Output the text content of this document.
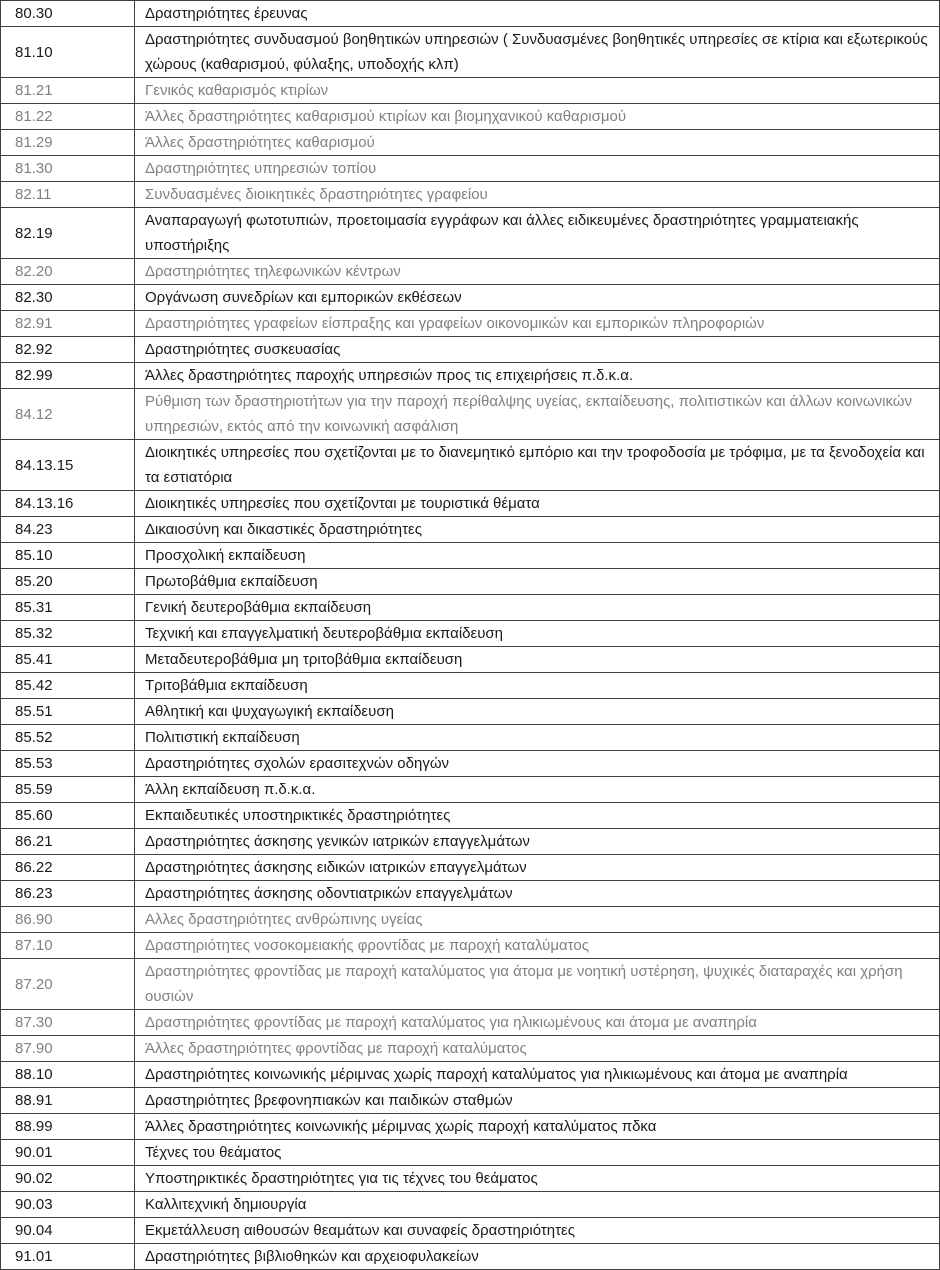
80.30	Δραστηριότητες έρευνας
81.10	Δραστηριότητες συνδυασμού βοηθητικών υπηρεσιών ( Συνδυασμένες βοηθητικές υπηρεσίες σε κτίρια και εξωτερικούς χώρους (καθαρισμού, φύλαξης, υποδοχής κλπ)
81.21	Γενικός καθαρισμός κτιρίων
81.22	Άλλες δραστηριότητες καθαρισμού κτιρίων και βιομηχανικού καθαρισμού
81.29	Άλλες δραστηριότητες καθαρισμού
81.30	Δραστηριότητες υπηρεσιών τοπίου
82.11	Συνδυασμένες διοικητικές δραστηριότητες γραφείου
82.19	Αναπαραγωγή φωτοτυπιών, προετοιμασία εγγράφων και άλλες ειδικευμένες δραστηριότητες γραμματειακής υποστήριξης
82.20	Δραστηριότητες τηλεφωνικών κέντρων
82.30	Οργάνωση συνεδρίων και εμπορικών εκθέσεων
82.91	Δραστηριότητες γραφείων είσπραξης και γραφείων οικονομικών και εμπορικών πληροφοριών
82.92	Δραστηριότητες συσκευασίας
82.99	Άλλες δραστηριότητες παροχής υπηρεσιών προς τις επιχειρήσεις π.δ.κ.α.
84.12	Ρύθμιση των δραστηριοτήτων για την παροχή περίθαλψης υγείας, εκπαίδευσης, πολιτιστικών και άλλων κοινωνικών υπηρεσιών, εκτός από την κοινωνική ασφάλιση
84.13.15	Διοικητικές υπηρεσίες που σχετίζονται με το διανεμητικό εμπόριο και την τροφοδοσία με τρόφιμα, με τα ξενοδοχεία και τα εστιατόρια
84.13.16	Διοικητικές υπηρεσίες που σχετίζονται με τουριστικά θέματα
84.23	Δικαιοσύνη και δικαστικές δραστηριότητες
85.10	Προσχολική εκπαίδευση
85.20	Πρωτοβάθμια εκπαίδευση
85.31	Γενική δευτεροβάθμια εκπαίδευση
85.32	Τεχνική και επαγγελματική δευτεροβάθμια εκπαίδευση
85.41	Μεταδευτεροβάθμια μη τριτοβάθμια εκπαίδευση
85.42	Τριτοβάθμια εκπαίδευση
85.51	Αθλητική και ψυχαγωγική εκπαίδευση
85.52	Πολιτιστική εκπαίδευση
85.53	Δραστηριότητες σχολών ερασιτεχνών οδηγών
85.59	Άλλη εκπαίδευση π.δ.κ.α.
85.60	Εκπαιδευτικές υποστηρικτικές δραστηριότητες
86.21	Δραστηριότητες άσκησης γενικών ιατρικών επαγγελμάτων
86.22	Δραστηριότητες άσκησης ειδικών ιατρικών επαγγελμάτων
86.23	Δραστηριότητες άσκησης οδοντιατρικών επαγγελμάτων
86.90	Αλλες δραστηριότητες ανθρώπινης υγείας
87.10	Δραστηριότητες νοσοκομειακής φροντίδας με παροχή καταλύματος
87.20	Δραστηριότητες φροντίδας με παροχή καταλύματος για άτομα με νοητική υστέρηση, ψυχικές διαταραχές και χρήση ουσιών
87.30	Δραστηριότητες φροντίδας με παροχή καταλύματος για ηλικιωμένους και άτομα με αναπηρία
87.90	Άλλες δραστηριότητες φροντίδας με παροχή καταλύματος
88.10	Δραστηριότητες κοινωνικής μέριμνας χωρίς παροχή καταλύματος για ηλικιωμένους και άτομα με αναπηρία
88.91	Δραστηριότητες βρεφονηπιακών και παιδικών σταθμών
88.99	Άλλες δραστηριότητες κοινωνικής μέριμνας χωρίς παροχή καταλύματος πδκα
90.01	Τέχνες του θεάματος
90.02	Υποστηρικτικές δραστηριότητες για τις τέχνες του θεάματος
90.03	Καλλιτεχνική δημιουργία
90.04	Εκμετάλλευση αιθουσών θεαμάτων και συναφείς δραστηριότητες
91.01	Δραστηριότητες βιβλιοθηκών και αρχειοφυλακείων
